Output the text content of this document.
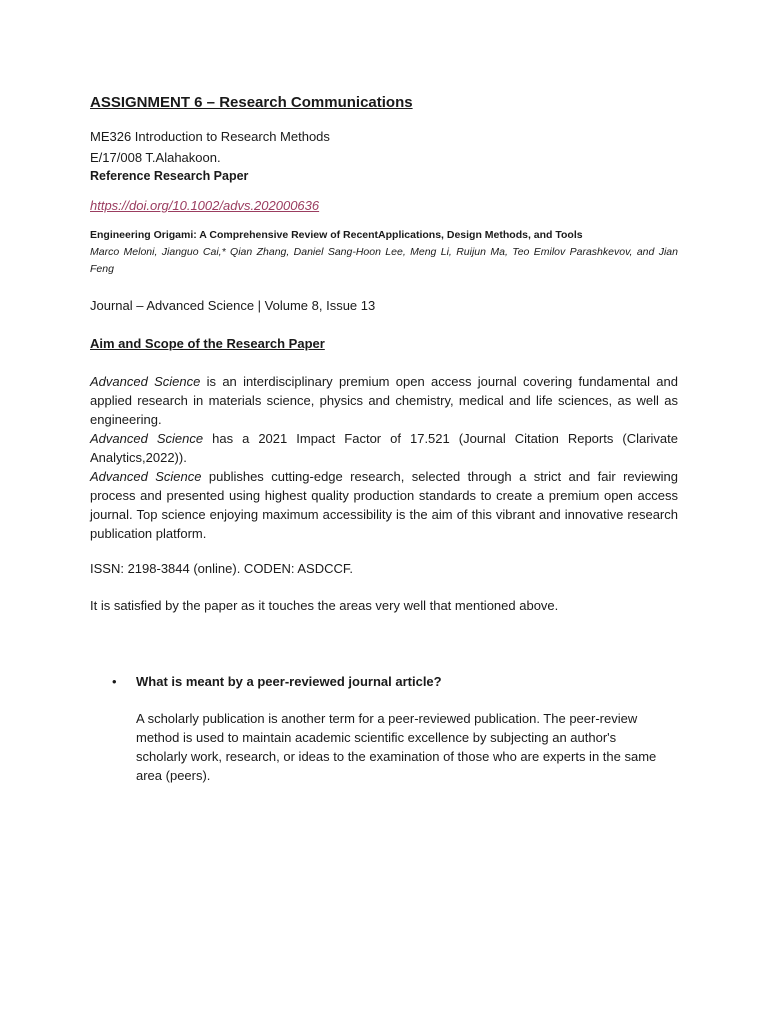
ASSIGNMENT 6 – Research Communications
ME326 Introduction to Research Methods
E/17/008 T.Alahakoon.
Reference Research Paper
https://doi.org/10.1002/advs.202000636
Engineering Origami: A Comprehensive Review of RecentApplications, Design Methods, and Tools
Marco Meloni, Jianguo Cai,* Qian Zhang, Daniel Sang-Hoon Lee, Meng Li, Ruijun Ma, Teo Emilov Parashkevov, and Jian Feng
Journal – Advanced Science | Volume 8, Issue 13
Aim and Scope of the Research Paper
Advanced Science is an interdisciplinary premium open access journal covering fundamental and applied research in materials science, physics and chemistry, medical and life sciences, as well as engineering.
Advanced Science has a 2021 Impact Factor of 17.521 (Journal Citation Reports (Clarivate Analytics,2022)).
Advanced Science publishes cutting-edge research, selected through a strict and fair reviewing process and presented using highest quality production standards to create a premium open access journal. Top science enjoying maximum accessibility is the aim of this vibrant and innovative research publication platform.
ISSN: 2198-3844 (online). CODEN: ASDCCF.
It is satisfied by the paper as it touches the areas very well that mentioned above.
• What is meant by a peer-reviewed journal article?
A scholarly publication is another term for a peer-reviewed publication. The peer-review method is used to maintain academic scientific excellence by subjecting an author's scholarly work, research, or ideas to the examination of those who are experts in the same area (peers).
